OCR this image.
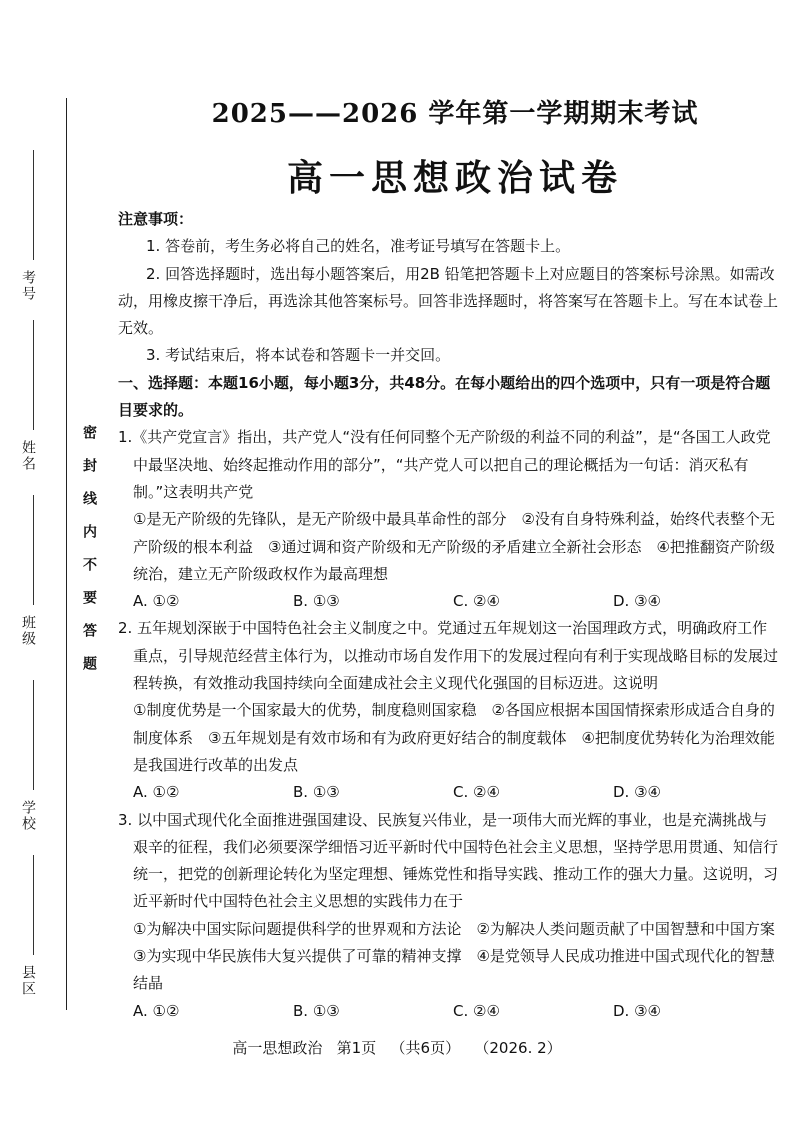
考号
姓名
班级
学校
县区
密封线内不要答题
2025——2026 学年第一学期期末考试
高一思想政治试卷
注意事项：
1. 答卷前，考生务必将自己的姓名，准考证号填写在答题卡上。
2. 回答选择题时，选出每小题答案后，用2B 铅笔把答题卡上对应题目的答案标号涂黑。如需改动，用橡皮擦干净后，再选涂其他答案标号。回答非选择题时，将答案写在答题卡上。写在本试卷上无效。
3. 考试结束后，将本试卷和答题卡一并交回。
一、选择题：本题16小题，每小题3分，共48分。在每小题给出的四个选项中，只有一项是符合题目要求的。
1.《共产党宣言》指出，共产党人“没有任何同整个无产阶级的利益不同的利益”，是“各国工人政党中最坚决地、始终起推动作用的部分”，“共产党人可以把自己的理论概括为一句话：消灭私有制。”这表明共产党
①是无产阶级的先锋队，是无产阶级中最具革命性的部分　②没有自身特殊利益，始终代表整个无产阶级的根本利益　③通过调和资产阶级和无产阶级的矛盾建立全新社会形态　④把推翻资产阶级统治，建立无产阶级政权作为最高理想
A. ①②	B. ①③	C. ②④	D. ③④
2. 五年规划深嵌于中国特色社会主义制度之中。党通过五年规划这一治国理政方式，明确政府工作重点，引导规范经营主体行为，以推动市场自发作用下的发展过程向有利于实现战略目标的发展过程转换，有效推动我国持续向全面建成社会主义现代化强国的目标迈进。这说明
①制度优势是一个国家最大的优势，制度稳则国家稳　②各国应根据本国国情探索形成适合自身的制度体系　③五年规划是有效市场和有为政府更好结合的制度载体　④把制度优势转化为治理效能是我国进行改革的出发点
A. ①②	B. ①③	C. ②④	D. ③④
3. 以中国式现代化全面推进强国建设、民族复兴伟业，是一项伟大而光辉的事业，也是充满挑战与艰辛的征程，我们必须要深学细悟习近平新时代中国特色社会主义思想，坚持学思用贯通、知信行统一，把党的创新理论转化为坚定理想、锤炼党性和指导实践、推动工作的强大力量。这说明，习近平新时代中国特色社会主义思想的实践伟力在于
①为解决中国实际问题提供科学的世界观和方法论　②为解决人类问题贡献了中国智慧和中国方案　③为实现中华民族伟大复兴提供了可靠的精神支撑　④是党领导人民成功推进中国式现代化的智慧结晶
A. ①②	B. ①③	C. ②④	D. ③④
高一思想政治 第1页 （共6页） （2026. 2）
